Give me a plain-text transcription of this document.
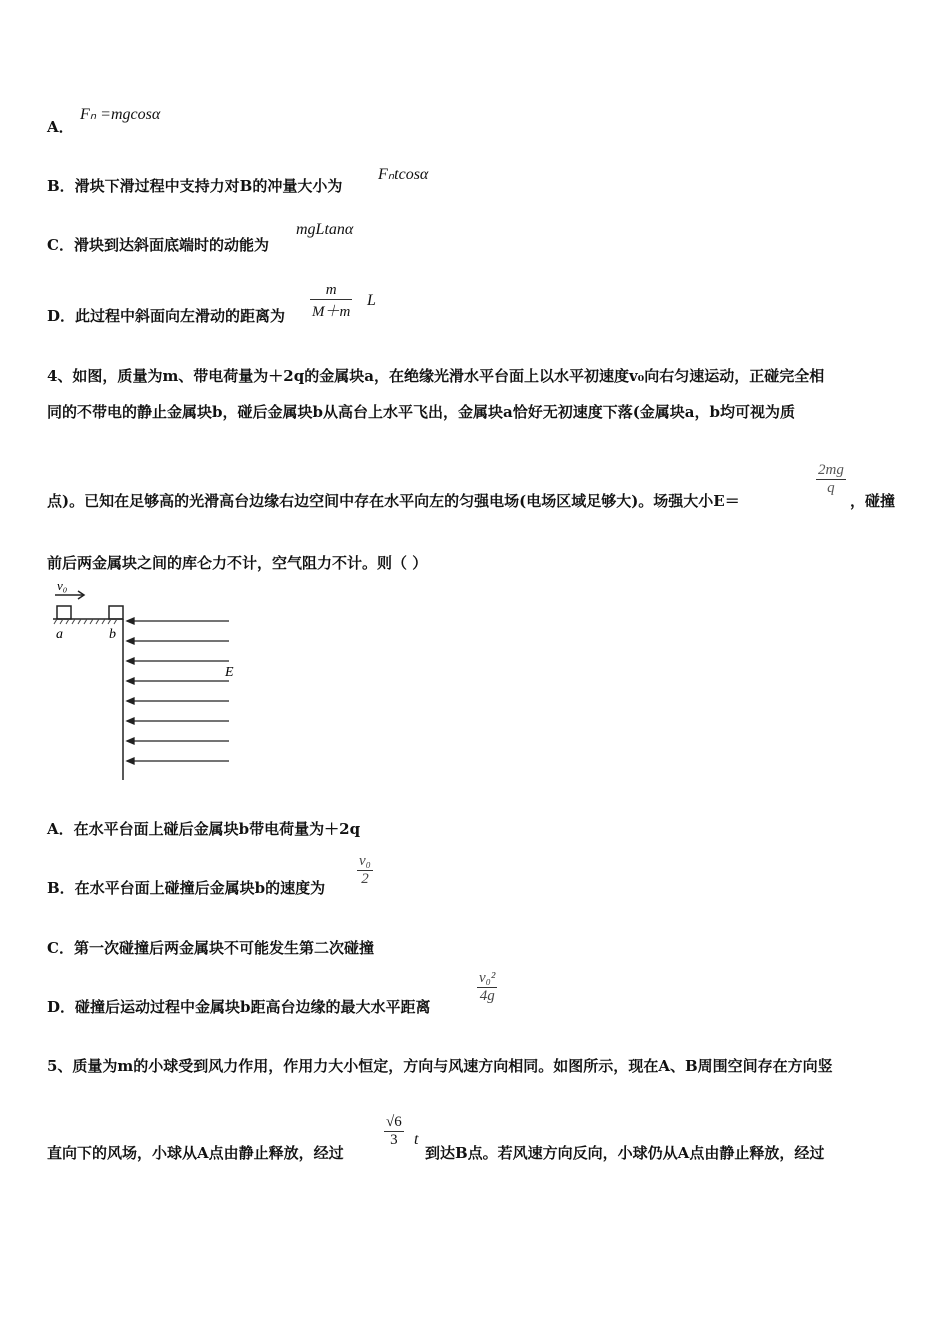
A．
Fₙ =mgcosα
B．滑块下滑过程中支持力对B的冲量大小为
Fₙtcosα
C．滑块到达斜面底端时的动能为
mgLtanα
D．此过程中斜面向左滑动的距离为 $\frac{m}{M+m}$ L
4、如图，质量为m、带电荷量为＋2q的金属块a，在绝缘光滑水平台面上以水平初速度v₀向右匀速运动，正碰完全相
同的不带电的静止金属块b，碰后金属块b从高台上水平飞出，金属块a恰好无初速度下落(金属块a，b均可视为质
点)。已知在足够高的光滑高台边缘右边空间中存在水平向左的匀强电场(电场区域足够大)。场强大小E＝
$\frac{2mg}{q}$
，碰撞
前后两金属块之间的库仑力不计，空气阻力不计。则（ ）
v₀
a	b
E
A．在水平台面上碰后金属块b带电荷量为＋2q
B．在水平台面上碰撞后金属块b的速度为 $\frac{\text{v₀}}{2}$
C．第一次碰撞后两金属块不可能发生第二次碰撞
D．碰撞后运动过程中金属块b距高台边缘的最大水平距离
$\frac{\text{v₀²}}{4g}$
5、质量为m的小球受到风力作用，作用力大小恒定，方向与风速方向相同。如图所示，现在A、B周围空间存在方向竖
直向下的风场，小球从A点由静止释放，经过
$\frac{√6}{3}$ t
到达B点。若风速方向反向，小球仍从A点由静止释放，经过
